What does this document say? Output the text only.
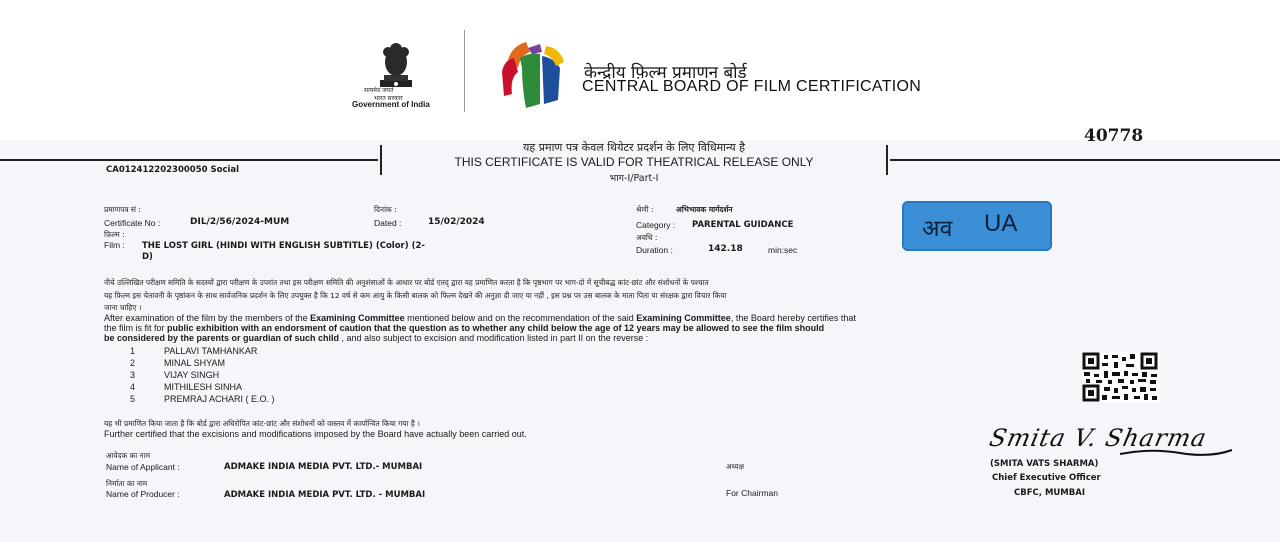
सत्यमेव जयते
भारत सरकार
Government of India
केन्द्रीय फ़िल्म प्रमाणन बोर्ड
CENTRAL BOARD OF FILM CERTIFICATION
40778
यह प्रमाण पत्र केवल थियेटर प्रदर्शन के लिए विधिमान्य है
THIS CERTIFICATE IS VALID FOR THEATRICAL RELEASE ONLY
भाग-I/Part-I
CA012412202300050 Social
प्रमाणपत्र सं :
Certificate No :	DIL/2/56/2024-MUM
दिनांक :
Dated :	15/02/2024
फ़िल्म :
Film : THE LOST GIRL (HINDI WITH ENGLISH SUBTITLE) (Color) (2-
D)
श्रेणी :	अभिभावक मार्गदर्शन
Category : PARENTAL GUIDANCE
अवधि :
Duration :	142.18	min:sec
अव UA
नीचे उल्लिखित परीक्षण समिति के सदस्यों द्वारा परीक्षण के उपरांत तथा इस परीक्षण समिति की अनुशंसाओं के आधार पर बोर्ड एतद् द्वारा यह प्रमाणित करता है कि पृष्ठभाग पर भाग-दो में सूचीबद्ध कांट-छांट और संशोधनों के पश्चात
यह फ़िल्म इस चेतावनी के पृष्ठांकन के साथ सार्वजनिक प्रदर्शन के लिए उपयुक्त है कि 12 वर्ष से कम आयु के किसी बालक को फिल्म देखने की अनुज्ञा दी जाए या नहीं , इस प्रश्न पर उस बालक के माता पिता या संरक्षक द्वारा विचार किया
जाना चाहिए ।
After examination of the film by the members of the Examining Committee mentioned below and on the recommendation of the said Examining Committee, the Board hereby certifies that
the film is fit for public exhibition with an endorsment of caution that the question as to whether any child below the age of 12 years may be allowed to see the film should
be considered by the parents or guardian of such child , and also subject to excision and modification listed in part II on the reverse :
1	PALLAVI TAMHANKAR
2	MINAL SHYAM
3	VIJAY SINGH
4	MITHILESH SINHA
5	PREMRAJ ACHARI ( E.O. )
यह भी प्रमाणित किया जाता है कि बोर्ड द्वारा अधिरोपित कांट-छांट और संशोधनों को वास्तव में कार्यान्वित किया गया है ।
Further certified that the excisions and modifications imposed by the Board have actually been carried out.
आवेदक का नाम
Name of Applicant :	ADMAKE INDIA MEDIA PVT. LTD.- MUMBAI
निर्माता का नाम
Name of Producer :	ADMAKE INDIA MEDIA PVT. LTD. - MUMBAI
अध्यक्ष
For Chairman
Smita V. Sharma
(SMITA VATS SHARMA)
Chief Executive Officer
CBFC, MUMBAI
